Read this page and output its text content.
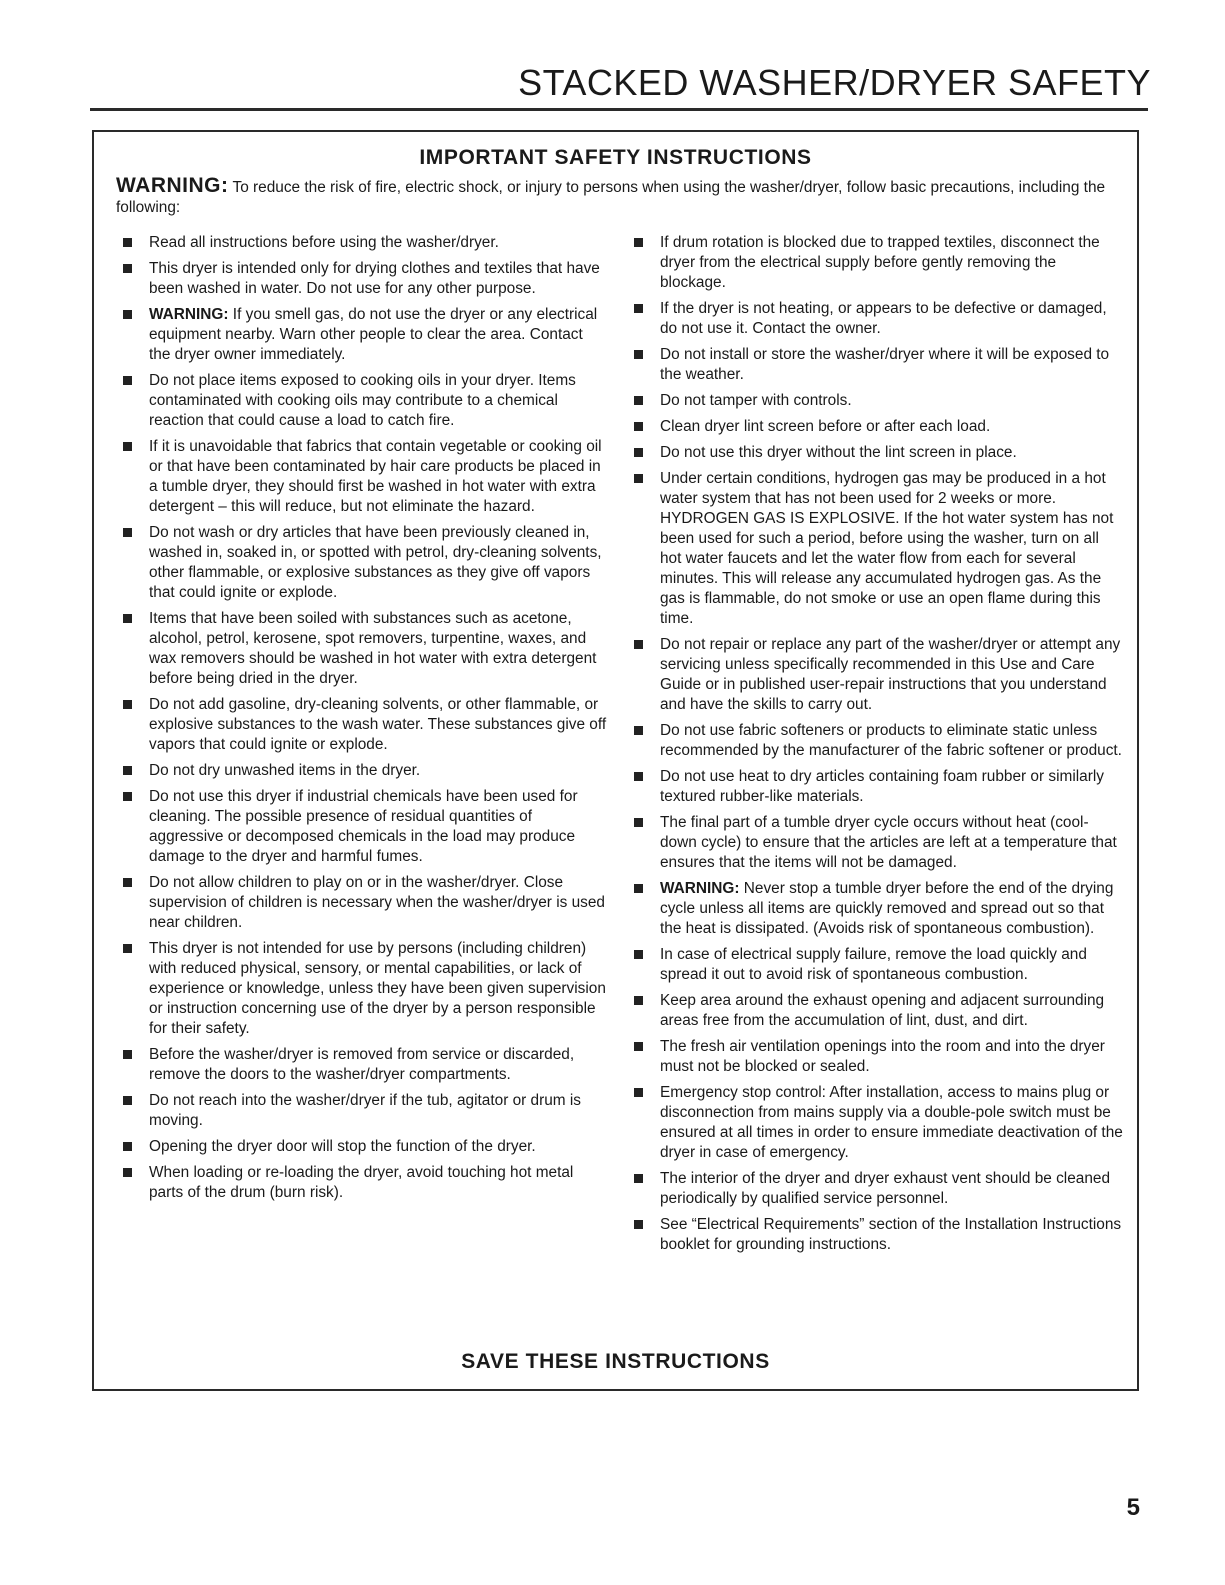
STACKED WASHER/DRYER SAFETY
IMPORTANT SAFETY INSTRUCTIONS

WARNING: To reduce the risk of fire, electric shock, or injury to persons when using the washer/dryer, follow basic precautions, including the following:

Read all instructions before using the washer/dryer.
This dryer is intended only for drying clothes and textiles that have been washed in water. Do not use for any other purpose.
WARNING: If you smell gas, do not use the dryer or any electrical equipment nearby. Warn other people to clear the area. Contact the dryer owner immediately.
Do not place items exposed to cooking oils in your dryer. Items contaminated with cooking oils may contribute to a chemical reaction that could cause a load to catch fire.
If it is unavoidable that fabrics that contain vegetable or cooking oil or that have been contaminated by hair care products be placed in a tumble dryer, they should first be washed in hot water with extra detergent – this will reduce, but not eliminate the hazard.
Do not wash or dry articles that have been previously cleaned in, washed in, soaked in, or spotted with petrol, dry-cleaning solvents, other flammable, or explosive substances as they give off vapors that could ignite or explode.
Items that have been soiled with substances such as acetone, alcohol, petrol, kerosene, spot removers, turpentine, waxes, and wax removers should be washed in hot water with extra detergent before being dried in the dryer.
Do not add gasoline, dry-cleaning solvents, or other flammable, or explosive substances to the wash water. These substances give off vapors that could ignite or explode.
Do not dry unwashed items in the dryer.
Do not use this dryer if industrial chemicals have been used for cleaning. The possible presence of residual quantities of aggressive or decomposed chemicals in the load may produce damage to the dryer and harmful fumes.
Do not allow children to play on or in the washer/dryer. Close supervision of children is necessary when the washer/dryer is used near children.
This dryer is not intended for use by persons (including children) with reduced physical, sensory, or mental capabilities, or lack of experience or knowledge, unless they have been given supervision or instruction concerning use of the dryer by a person responsible for their safety.
Before the washer/dryer is removed from service or discarded, remove the doors to the washer/dryer compartments.
Do not reach into the washer/dryer if the tub, agitator or drum is moving.
Opening the dryer door will stop the function of the dryer.
When loading or re-loading the dryer, avoid touching hot metal parts of the drum (burn risk).
If drum rotation is blocked due to trapped textiles, disconnect the dryer from the electrical supply before gently removing the blockage.
If the dryer is not heating, or appears to be defective or damaged, do not use it. Contact the owner.
Do not install or store the washer/dryer where it will be exposed to the weather.
Do not tamper with controls.
Clean dryer lint screen before or after each load.
Do not use this dryer without the lint screen in place.
Under certain conditions, hydrogen gas may be produced in a hot water system that has not been used for 2 weeks or more. HYDROGEN GAS IS EXPLOSIVE. If the hot water system has not been used for such a period, before using the washer, turn on all hot water faucets and let the water flow from each for several minutes. This will release any accumulated hydrogen gas. As the gas is flammable, do not smoke or use an open flame during this time.
Do not repair or replace any part of the washer/dryer or attempt any servicing unless specifically recommended in this Use and Care Guide or in published user-repair instructions that you understand and have the skills to carry out.
Do not use fabric softeners or products to eliminate static unless recommended by the manufacturer of the fabric softener or product.
Do not use heat to dry articles containing foam rubber or similarly textured rubber-like materials.
The final part of a tumble dryer cycle occurs without heat (cool-down cycle) to ensure that the articles are left at a temperature that ensures that the items will not be damaged.
WARNING: Never stop a tumble dryer before the end of the drying cycle unless all items are quickly removed and spread out so that the heat is dissipated. (Avoids risk of spontaneous combustion).
In case of electrical supply failure, remove the load quickly and spread it out to avoid risk of spontaneous combustion.
Keep area around the exhaust opening and adjacent surrounding areas free from the accumulation of lint, dust, and dirt.
The fresh air ventilation openings into the room and into the dryer must not be blocked or sealed.
Emergency stop control: After installation, access to mains plug or disconnection from mains supply via a double-pole switch must be ensured at all times in order to ensure immediate deactivation of the dryer in case of emergency.
The interior of the dryer and dryer exhaust vent should be cleaned periodically by qualified service personnel.
See “Electrical Requirements” section of the Installation Instructions booklet for grounding instructions.
SAVE THESE INSTRUCTIONS
5
